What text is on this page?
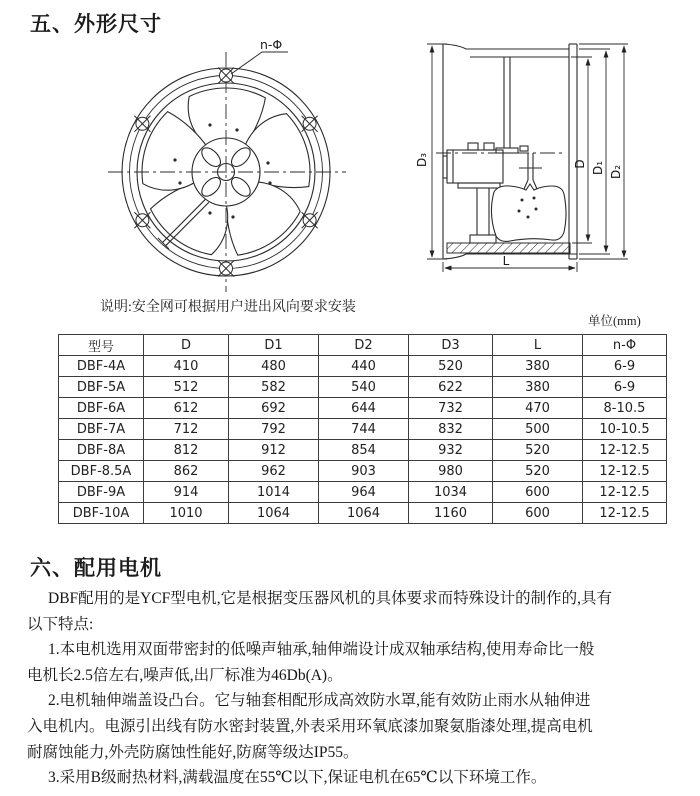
五、外形尺寸
n-Φ
D₃	D D₁ D₂
L
说明:安全网可根据用户进出风向要求安装
单位(mm)
型号	D	D1	D2	D3	L	n-Φ
DBF-4A	410	480	440	520	380	6-9
DBF-5A	512	582	540	622	380	6-9
DBF-6A	612	692	644	732	470	8-10.5
DBF-7A	712	792	744	832	500	10-10.5
DBF-8A	812	912	854	932	520	12-12.5
DBF-8.5A	862	962	903	980	520	12-12.5
DBF-9A	914	1014	964	1034	600	12-12.5
DBF-10A	1010	1064	1064	1160	600	12-12.5
六、配用电机
DBF配用的是YCF型电机,它是根据变压器风机的具体要求而特殊设计的制作的,具有
以下特点:
1.本电机选用双面带密封的低噪声轴承,轴伸端设计成双轴承结构,使用寿命比一般
电机长2.5倍左右,噪声低,出厂标准为46Db(A)。
2.电机轴伸端盖设凸台。它与轴套相配形成高效防水罩,能有效防止雨水从轴伸进
入电机内。电源引出线有防水密封装置,外表采用环氧底漆加聚氨脂漆处理,提高电机
耐腐蚀能力,外壳防腐蚀性能好,防腐等级达IP55。
3.采用B级耐热材料,满载温度在55℃以下,保证电机在65℃以下环境工作。
